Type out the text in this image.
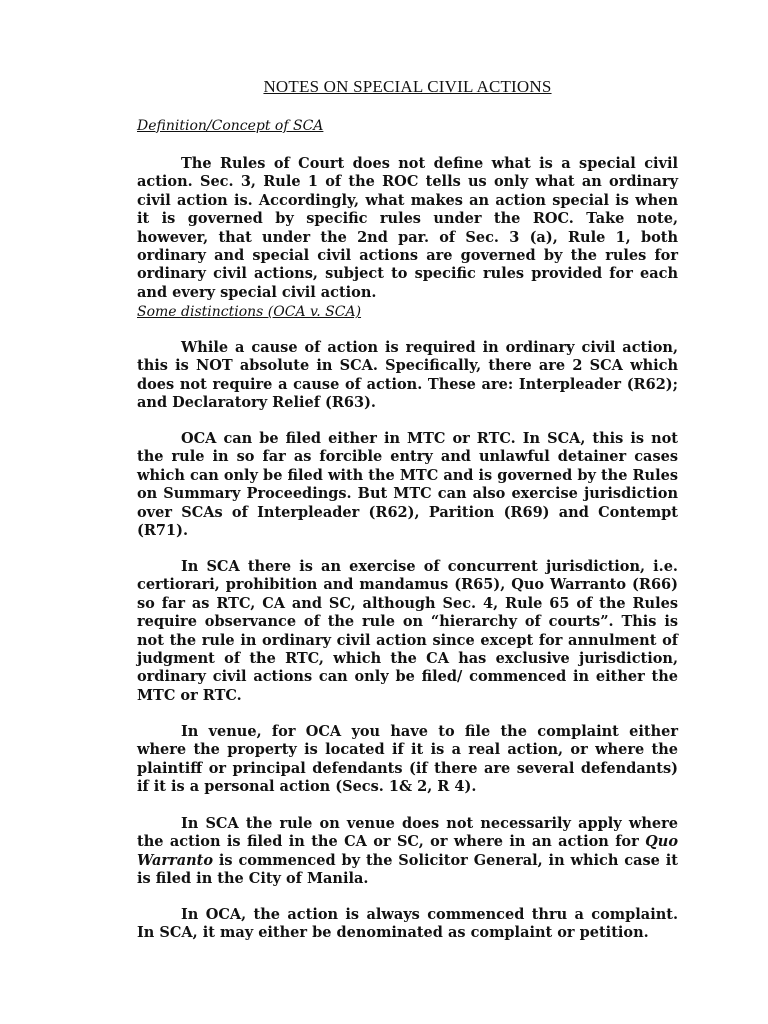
NOTES ON SPECIAL CIVIL ACTIONS
Definition/Concept of SCA

The Rules of Court does not define what is a special civil action. Sec. 3, Rule 1 of the ROC tells us only what an ordinary civil action is. Accordingly, what makes an action special is when it is governed by specific rules under the ROC. Take note, however, that under the 2nd par. of Sec. 3 (a), Rule 1, both ordinary and special civil actions are governed by the rules for ordinary civil actions, subject to specific rules provided for each and every special civil action.

Some distinctions (OCA v. SCA)

While a cause of action is required in ordinary civil action, this is NOT absolute in SCA. Specifically, there are 2 SCA which does not require a cause of action. These are: Interpleader (R62); and Declaratory Relief (R63).

OCA can be filed either in MTC or RTC. In SCA, this is not the rule in so far as forcible entry and unlawful detainer cases which can only be filed with the MTC and is governed by the Rules on Summary Proceedings. But MTC can also exercise jurisdiction over SCAs of Interpleader (R62), Parition (R69) and Contempt (R71).

In SCA there is an exercise of concurrent jurisdiction, i.e. certiorari, prohibition and mandamus (R65), Quo Warranto (R66) so far as RTC, CA and SC, although Sec. 4, Rule 65 of the Rules require observance of the rule on “hierarchy of courts”. This is not the rule in ordinary civil action since except for annulment of judgment of the RTC, which the CA has exclusive jurisdiction, ordinary civil actions can only be filed/ commenced in either the MTC or RTC.

In venue, for OCA you have to file the complaint either where the property is located if it is a real action, or where the plaintiff or principal defendants (if there are several defendants) if it is a personal action (Secs. 1& 2, R 4).

In SCA the rule on venue does not necessarily apply where the action is filed in the CA or SC, or where in an action for Quo Warranto is commenced by the Solicitor General, in which case it is filed in the City of Manila.

In OCA, the action is always commenced thru a complaint. In SCA, it may either be denominated as complaint or petition.
